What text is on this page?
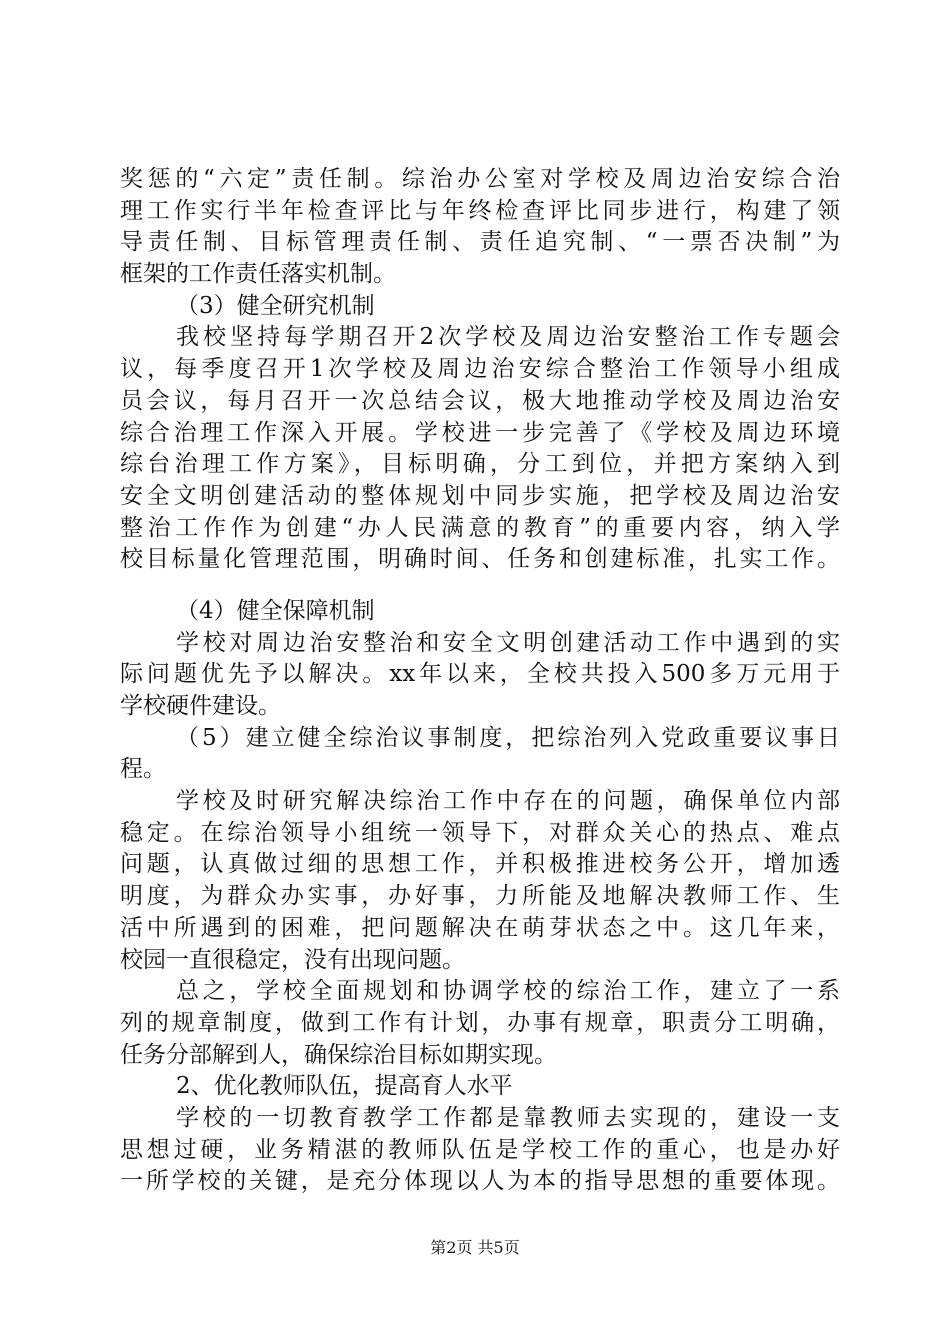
奖惩的“六定”责任制。综治办公室对学校及周边治安综合治
理工作实行半年检查评比与年终检查评比同步进行，构建了领
导责任制、目标管理责任制、责任追究制、“一票否决制”为
框架的工作责任落实机制。
（3）健全研究机制
我校坚持每学期召开2次学校及周边治安整治工作专题会
议，每季度召开1次学校及周边治安综合整治工作领导小组成
员会议，每月召开一次总结会议，极大地推动学校及周边治安
综合治理工作深入开展。学校进一步完善了《学校及周边环境
综台治理工作方案》，目标明确，分工到位，并把方案纳入到
安全文明创建活动的整体规划中同步实施，把学校及周边治安
整治工作作为创建“办人民满意的教育”的重要内容，纳入学
校目标量化管理范围，明确时间、任务和创建标准，扎实工作。
（4）健全保障机制
学校对周边治安整治和安全文明创建活动工作中遇到的实
际问题优先予以解决。xx年以来，全校共投入500多万元用于
学校硬件建设。
（5）建立健全综治议事制度，把综治列入党政重要议事日
程。
学校及时研究解决综治工作中存在的问题，确保单位内部
稳定。在综治领导小组统一领导下，对群众关心的热点、难点
问题，认真做过细的思想工作，并积极推进校务公开，增加透
明度，为群众办实事，办好事，力所能及地解决教师工作、生
活中所遇到的困难，把问题解决在萌芽状态之中。这几年来，
校园一直很稳定，没有出现问题。
总之，学校全面规划和协调学校的综治工作，建立了一系
列的规章制度，做到工作有计划，办事有规章，职责分工明确，
任务分部解到人，确保综治目标如期实现。
2、优化教师队伍，提高育人水平
学校的一切教育教学工作都是靠教师去实现的，建设一支
思想过硬，业务精湛的教师队伍是学校工作的重心，也是办好
一所学校的关键，是充分体现以人为本的指导思想的重要体现。
第2页 共5页
